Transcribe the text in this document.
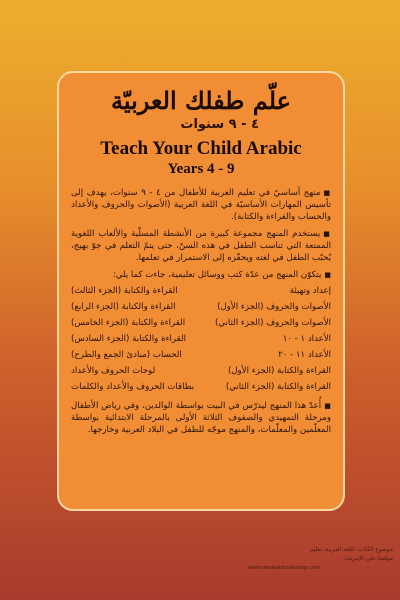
علّم طفلك العربيّة
٤ - ٩ سنوات
Teach Your Child Arabic
Years 4 - 9

■منهج أساسيّ في تعليم العربية للأطفال من ٤ - ٩ سنوات، يهدف إلى تأسيس المهارات الأساسيّة في اللغة العربية (الأصوات والحروف والأعداد والحساب والقراءة والكتابة).

■يستخدم المنهج مجموعة كبيرة من الأنشطة المسلّية والألعاب اللغوية الممتعة التي تناسب الطفل في هذه السنّ، حتى يتمّ التعلم في جوّ بهيج، يُحبّب الطفل في لغته ويحفّزه إلى الاستمرار في تعلمها.

■يتكوّن المنهج من عدّة كتب ووسائل تعليمية، جاءت كما يلي:

إعداد وتهيئة
القراءة والكتابة (الجزء الثالث)
الأصوات والحروف (الجزء الأول)
القراءة والكتابة (الجزء الرابع)
الأصوات والحروف (الجزء الثاني)
القراءة والكتابة (الجزء الخامس)
الأعداد ١ - ١٠
القراءة والكتابة (الجزء السادس)
الأعداد ١١ - ٢٠
الحساب (مبادئ الجمع والطرح)
القراءة والكتابة (الجزء الأول)
لوحات الحروف والأعداد
القراءة والكتابة (الجزء الثاني)
بطاقات الحروف والأعداد والكلمات

■أُعدّ هذا المنهج ليدرّس في البيت بواسطة الوالدين، وفي رياض الأطفال ومرحلة التمهيدي والصفوف الثلاثة الأولى بالمرحلة الابتدائية بواسطة المعلّمين والمعلّمات، والمنهج موجّه للطفل في البلاد العربية وخارجها.

موضوع الكتاب: اللغة العربية، تعليم
موقعنا على الإنترنت:
www.obeikanbookshop.com
